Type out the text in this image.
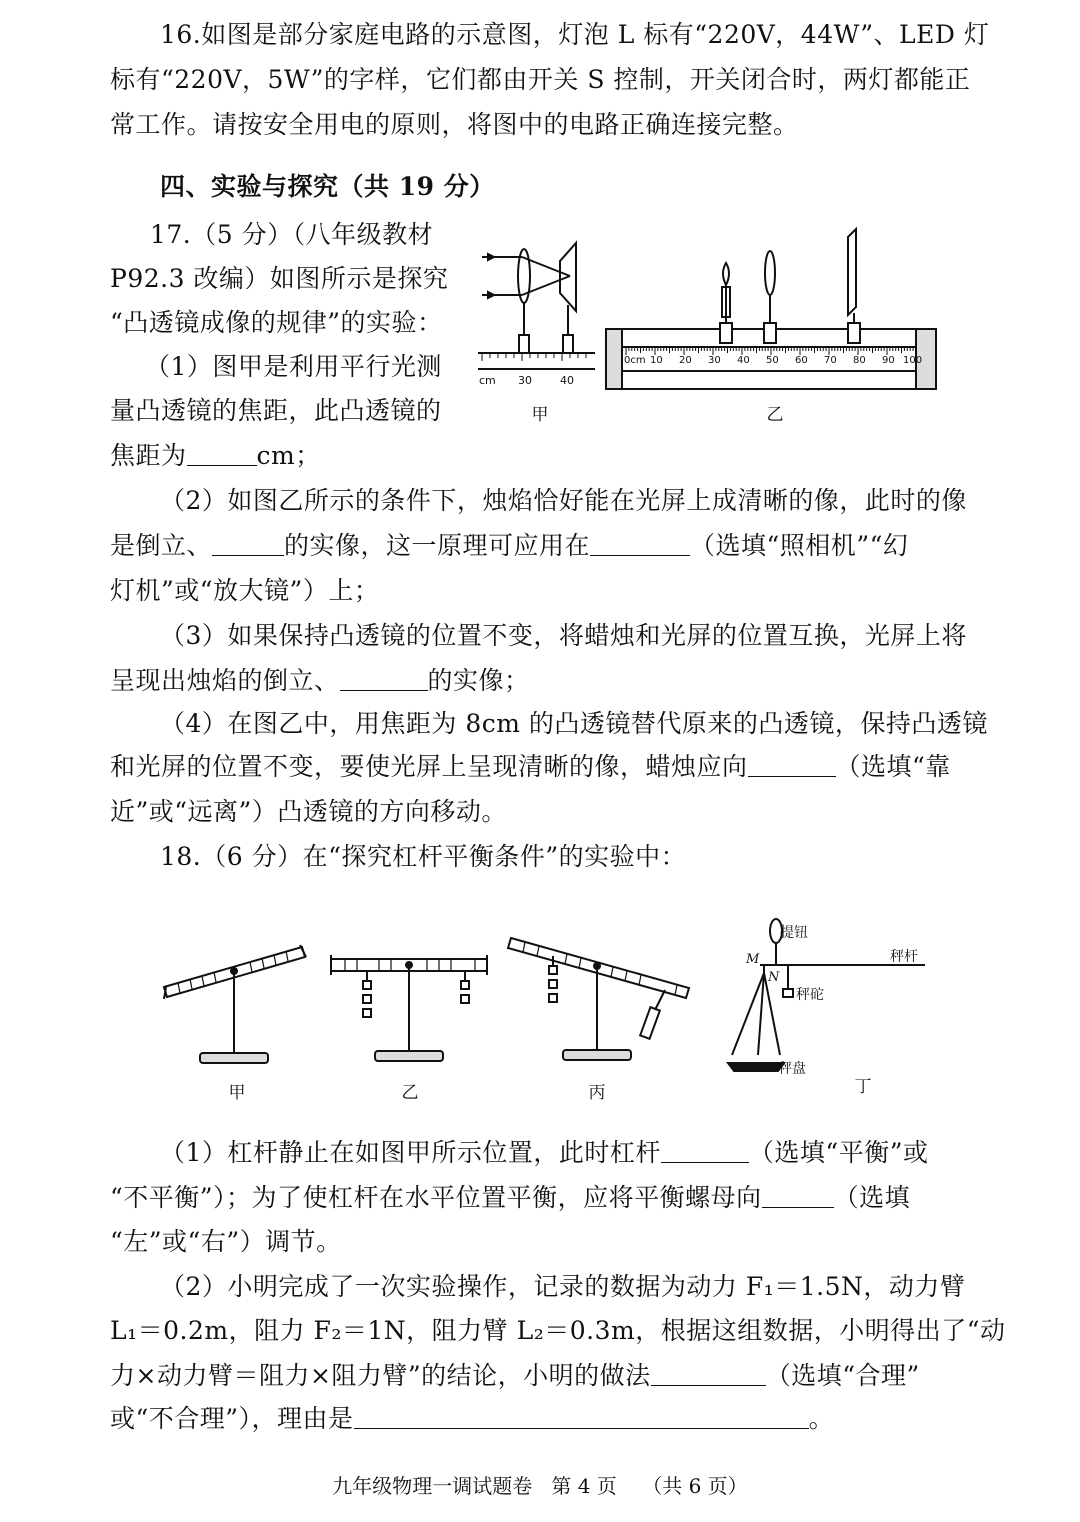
16.如图是部分家庭电路的示意图，灯泡 L 标有“220V，44W”、LED 灯
标有“220V，5W”的字样，它们都由开关 S 控制，开关闭合时，两灯都能正
常工作。请按安全用电的原则，将图中的电路正确连接完整。
四、实验与探究（共 19 分）
17.（5 分）（八年级教材
P92.3 改编）如图所示是探究
“凸透镜成像的规律”的实验：
（1）图甲是利用平行光测
量凸透镜的焦距，此凸透镜的
焦距为	cm；
cm 30	40
甲
0cm 10 20 30 40 50 60 70 80 90 100
乙
（2）如图乙所示的条件下，烛焰恰好能在光屏上成清晰的像，此时的像
是倒立、	的实像，这一原理可应用在	（选填“照相机”“幻
灯机”或“放大镜”）上；
（3）如果保持凸透镜的位置不变，将蜡烛和光屏的位置互换，光屏上将
呈现出烛焰的倒立、	的实像；
（4）在图乙中，用焦距为 8cm 的凸透镜替代原来的凸透镜，保持凸透镜
和光屏的位置不变，要使光屏上呈现清晰的像，蜡烛应向	（选填“靠
近”或“远离”）凸透镜的方向移动。
18.（6 分）在“探究杠杆平衡条件”的实验中：
甲	乙	丙
提钮
M
N
秤杆
秤砣
秤盘
丁
（1）杠杆静止在如图甲所示位置，此时杠杆	（选填“平衡”或
“不平衡”）；为了使杠杆在水平位置平衡，应将平衡螺母向	（选填
“左”或“右”）调节。
（2）小明完成了一次实验操作，记录的数据为动力 F₁＝1.5N，动力臂
L₁＝0.2m，阻力 F₂＝1N，阻力臂 L₂＝0.3m，根据这组数据，小明得出了“动
力×动力臂＝阻力×阻力臂”的结论，小明的做法	（选填“合理”
或“不合理”），理由是	。
九年级物理一调试题卷   第 4 页    （共 6 页）
